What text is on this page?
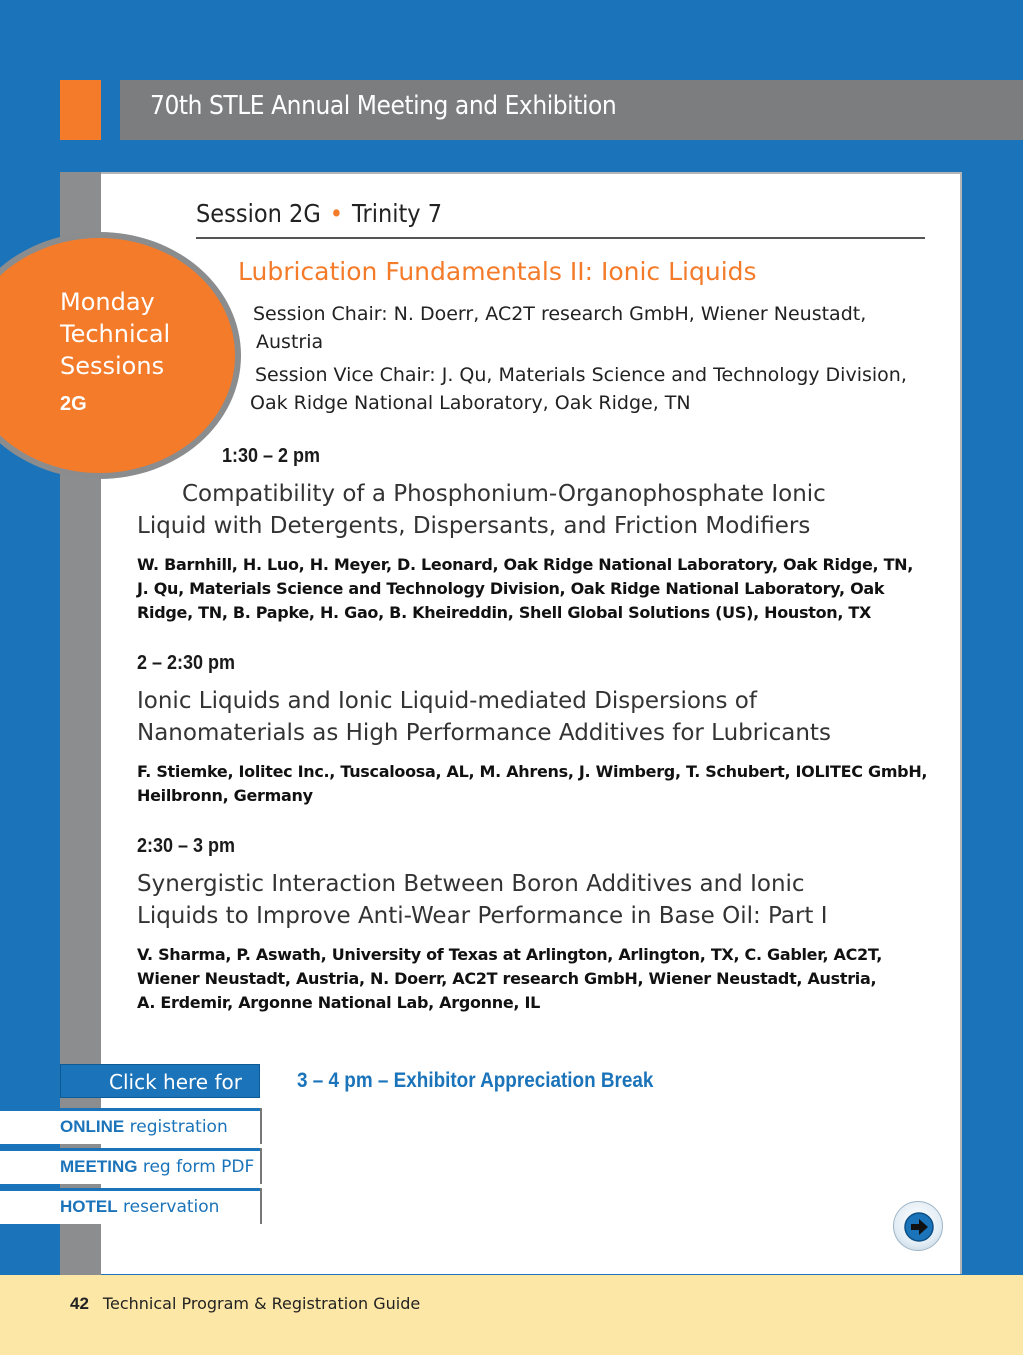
42 Technical Program & Registration Guide
70th STLE Annual Meeting and Exhibition
Session 2G • Trinity 7
Monday
Technical
Sessions
2G
Lubrication Fundamentals II: Ionic Liquids
Session Chair: N. Doerr, AC2T research GmbH, Wiener Neustadt,
Austria
Session Vice Chair: J. Qu, Materials Science and Technology Division,
Oak Ridge National Laboratory, Oak Ridge, TN
1:30 – 2 pm
Compatibility of a Phosphonium-Organophosphate Ionic
Liquid with Detergents, Dispersants, and Friction Modifiers
W. Barnhill, H. Luo, H. Meyer, D. Leonard, Oak Ridge National Laboratory, Oak Ridge, TN,
J. Qu, Materials Science and Technology Division, Oak Ridge National Laboratory, Oak
Ridge, TN, B. Papke, H. Gao, B. Kheireddin, Shell Global Solutions (US), Houston, TX
2 – 2:30 pm
Ionic Liquids and Ionic Liquid-mediated Dispersions of
Nanomaterials as High Performance Additives for Lubricants
F. Stiemke, Iolitec Inc., Tuscaloosa, AL, M. Ahrens, J. Wimberg, T. Schubert, IOLITEC GmbH,
Heilbronn, Germany
2:30 – 3 pm
Synergistic Interaction Between Boron Additives and Ionic
Liquids to Improve Anti-Wear Performance in Base Oil: Part I
V. Sharma, P. Aswath, University of Texas at Arlington, Arlington, TX, C. Gabler, AC2T,
Wiener Neustadt, Austria, N. Doerr, AC2T research GmbH, Wiener Neustadt, Austria,
A. Erdemir, Argonne National Lab, Argonne, IL
Click here for
ONLINE registration
MEETING reg form PDF
HOTEL reservation
3 – 4 pm – Exhibitor Appreciation Break
